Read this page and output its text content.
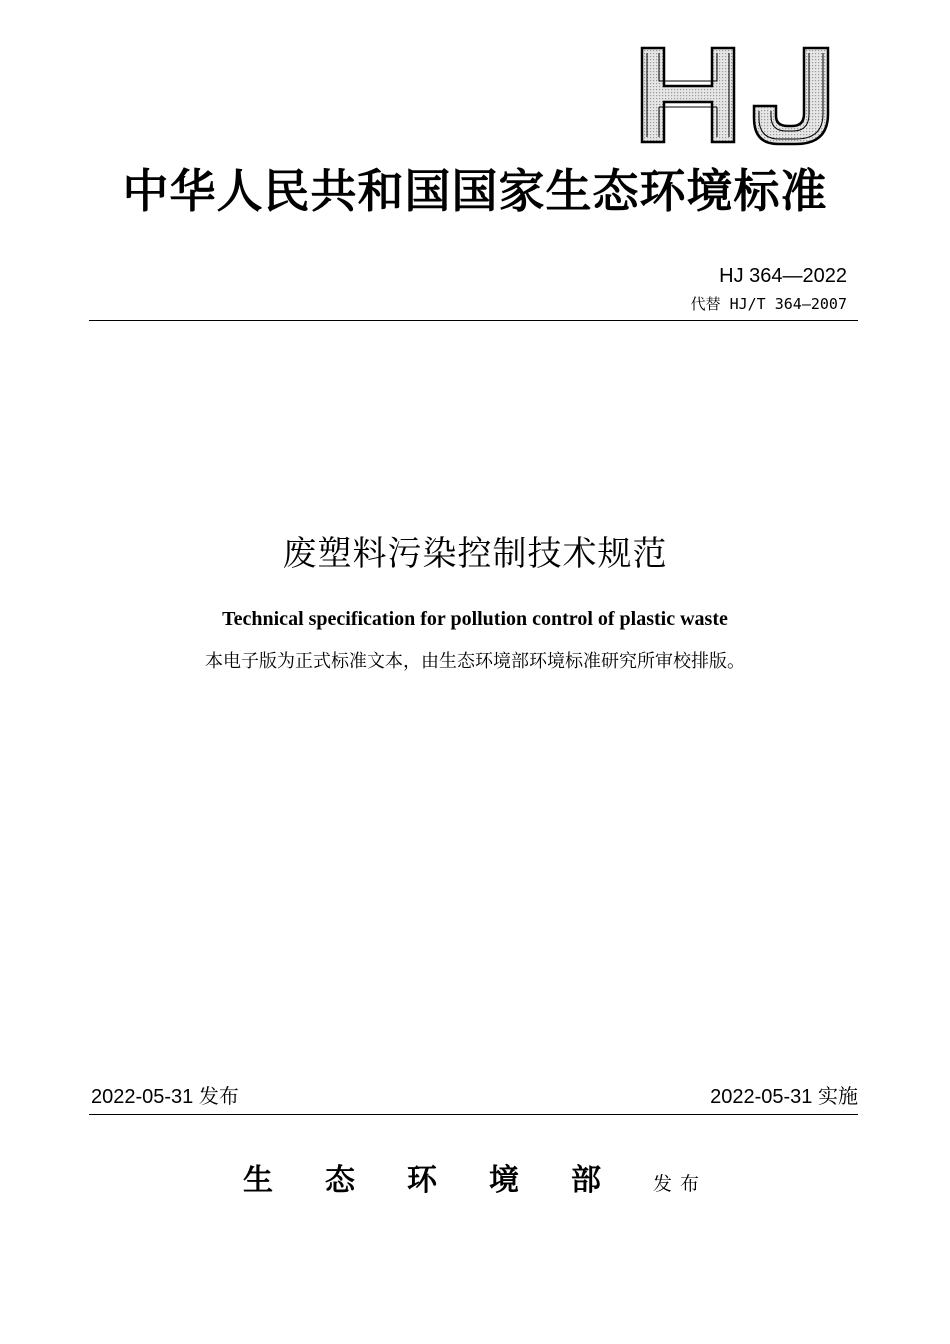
中华人民共和国国家生态环境标准
HJ 364—2022
代替 HJ/T 364—2007
废塑料污染控制技术规范
Technical specification for pollution control of plastic waste
本电子版为正式标准文本，由生态环境部环境标准研究所审校排版。
2022-05-31 发布	2022-05-31 实施
生态环境部发布
